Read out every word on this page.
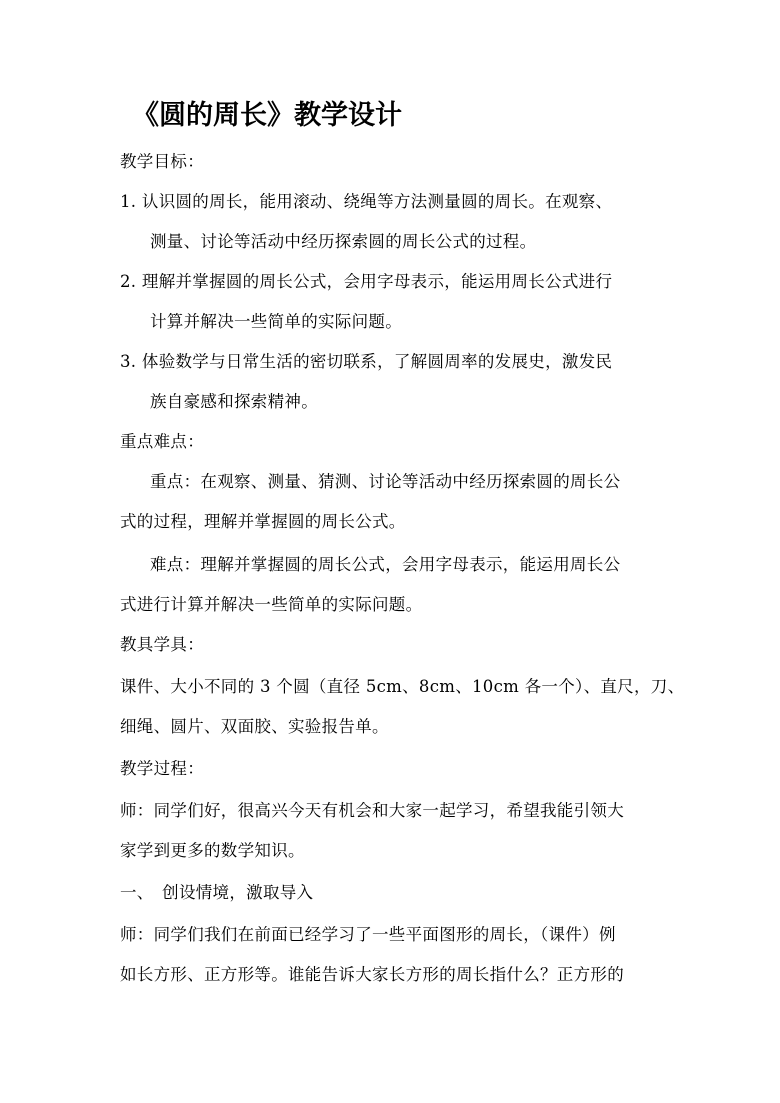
《圆的周长》教学设计
教学目标：
1. 认识圆的周长，能用滚动、绕绳等方法测量圆的周长。在观察、
测量、讨论等活动中经历探索圆的周长公式的过程。
2. 理解并掌握圆的周长公式，会用字母表示，能运用周长公式进行
计算并解决一些简单的实际问题。
3. 体验数学与日常生活的密切联系，了解圆周率的发展史，激发民
族自豪感和探索精神。
重点难点：
重点：在观察、测量、猜测、讨论等活动中经历探索圆的周长公
式的过程，理解并掌握圆的周长公式。
难点：理解并掌握圆的周长公式，会用字母表示，能运用周长公
式进行计算并解决一些简单的实际问题。
教具学具：
课件、大小不同的 3 个圆（直径 5cm、8cm、10cm 各一个）、直尺，刀、
细绳、圆片、双面胶、实验报告单。
教学过程：
师：同学们好，很高兴今天有机会和大家一起学习，希望我能引领大
家学到更多的数学知识。
一、　创设情境，激取导入
师：同学们我们在前面已经学习了一些平面图形的周长，（课件）例
如长方形、正方形等。谁能告诉大家长方形的周长指什么？正方形的
